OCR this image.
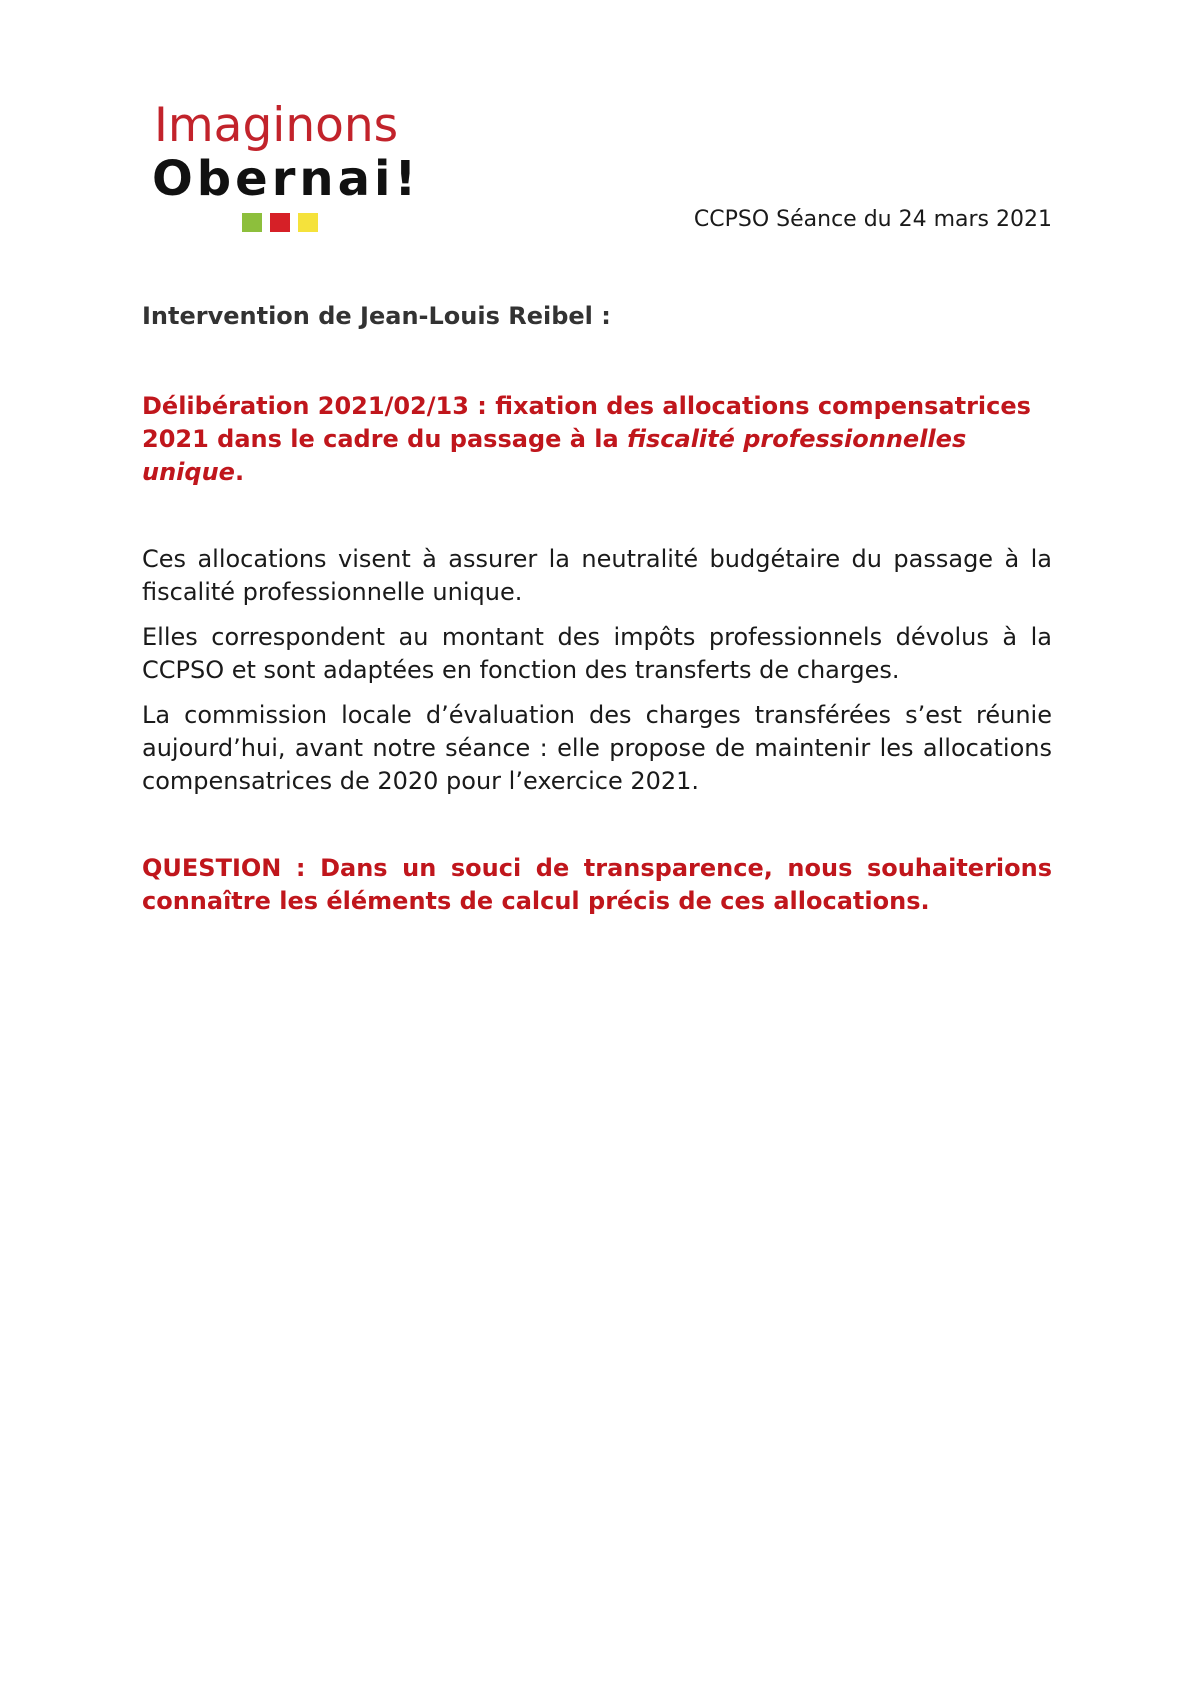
Imaginons
Obernai!
CCPSO Séance du 24 mars 2021

Intervention de Jean-Louis Reibel :

Délibération 2021/02/13 : fixation des allocations compensatrices 2021 dans le cadre du passage à la fiscalité professionnelles unique.

Ces allocations visent à assurer la neutralité budgétaire du passage à la fiscalité professionnelle unique.

Elles correspondent au montant des impôts professionnels dévolus à la CCPSO et sont adaptées en fonction des transferts de charges.

La commission locale d’évaluation des charges transférées s’est réunie aujourd’hui, avant notre séance : elle propose de maintenir les allocations compensatrices de 2020 pour l’exercice 2021.

QUESTION : Dans un souci de transparence, nous souhaiterions connaître les éléments de calcul précis de ces allocations.
